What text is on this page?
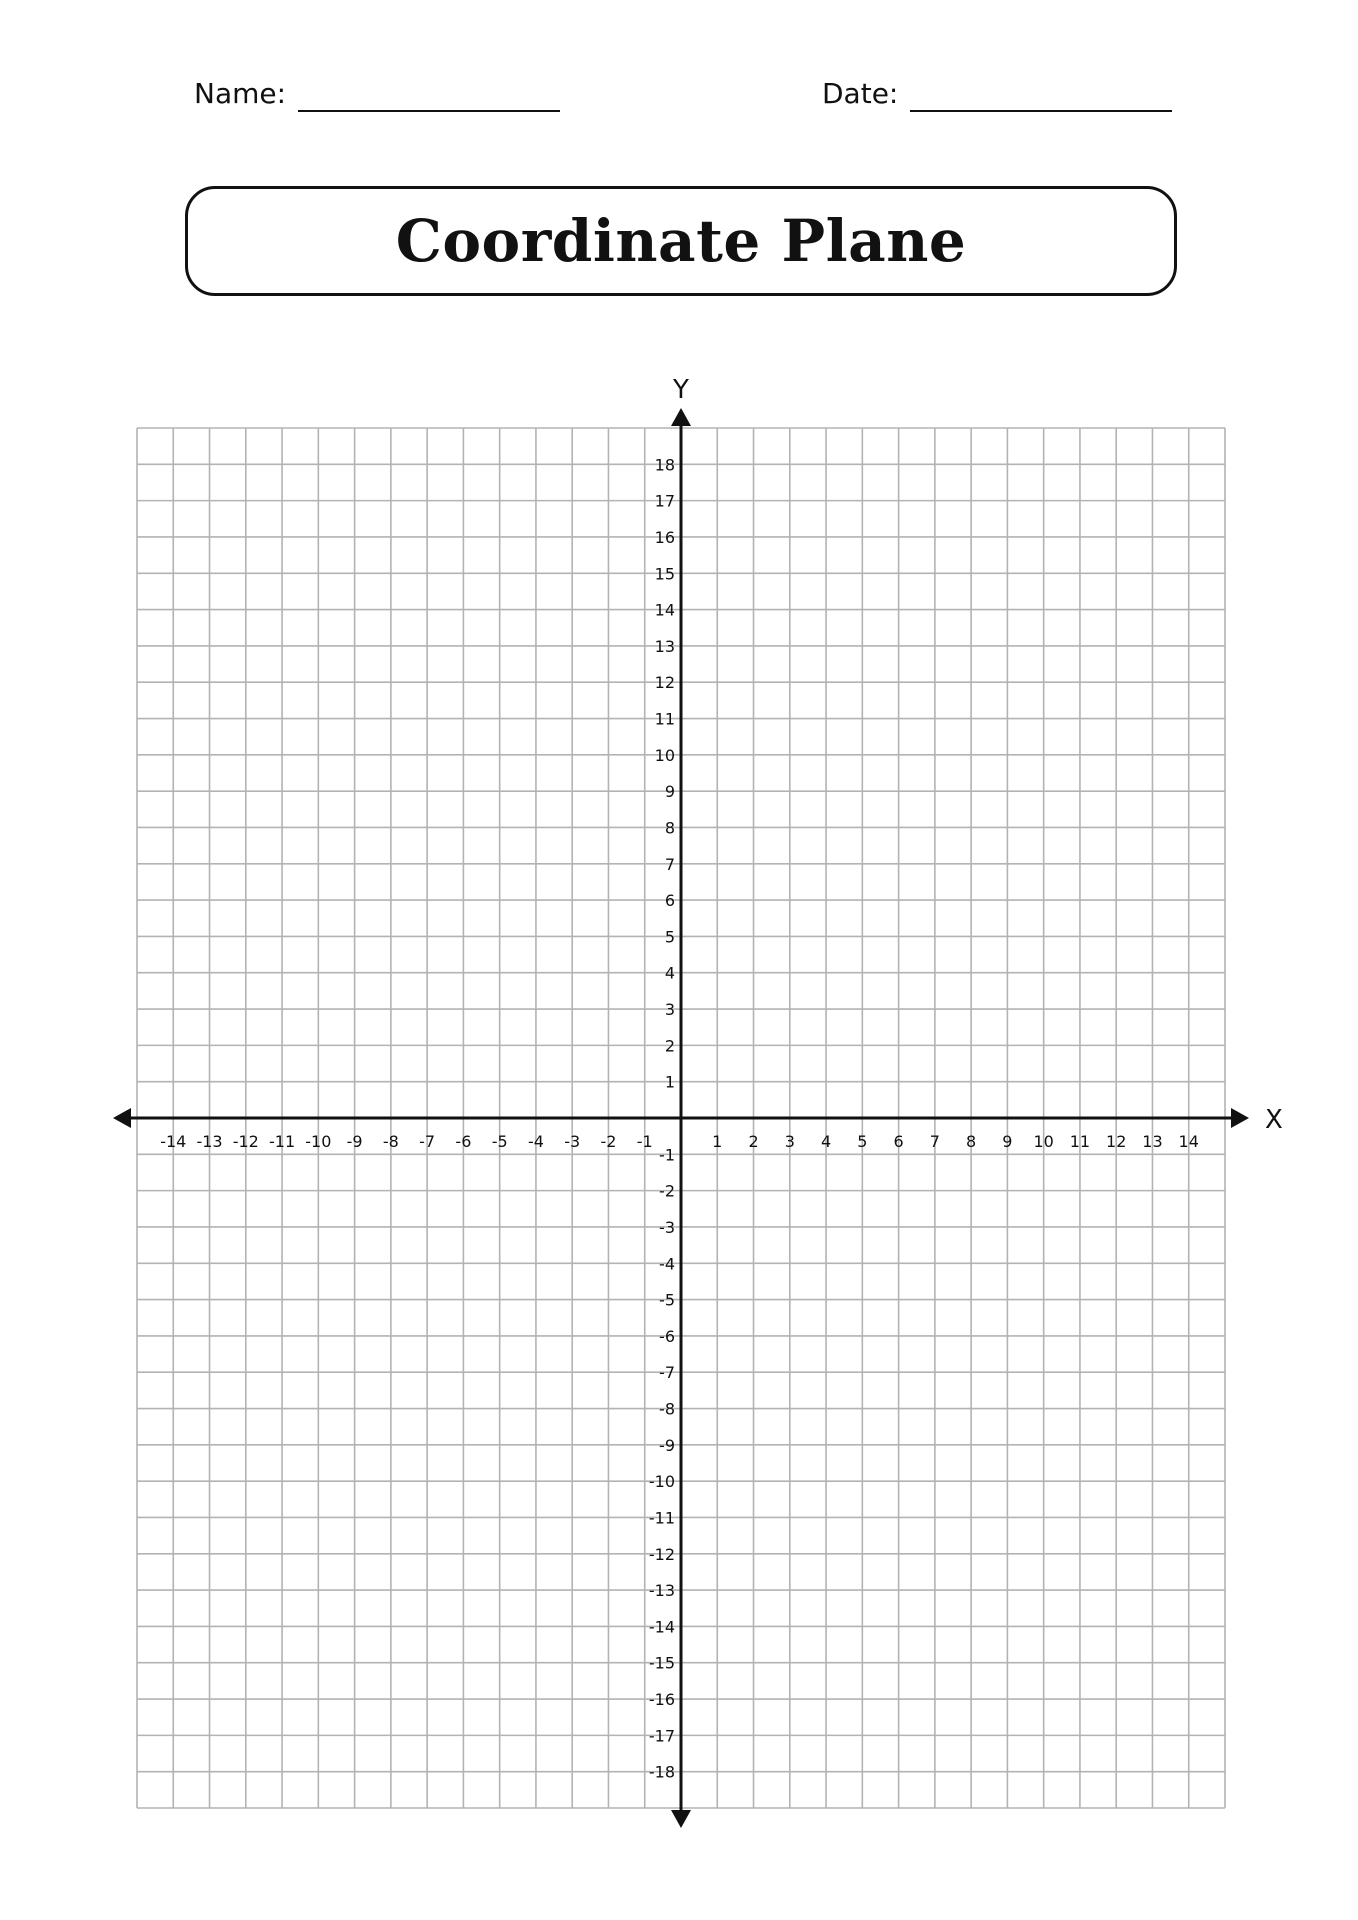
Name:	Date:
Coordinate Plane
X
Y
-14 -13 -12 -11 -10 -9 -8 -7 -6 -5 -4 -3 -2 -1	1 2 3 4 5 6 7 8 9 10 11 12 13 14
18
17
16
15
14
13
12
11
10
9
8
7
6
5
4
3
2
1
-1
-2
-3
-4
-5
-6
-7
-8
-9
-10
-11
-12
-13
-14
-15
-16
-17
-18
